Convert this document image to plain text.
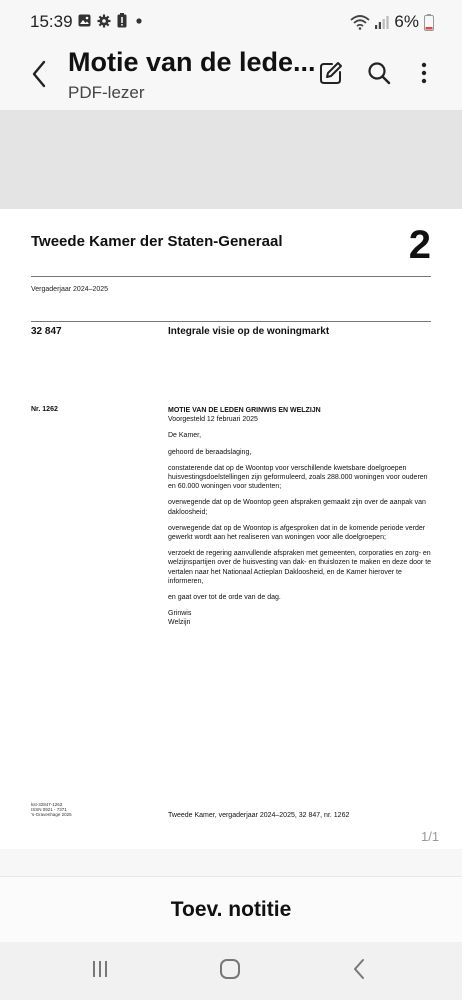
15:39	6%
Motie van de lede...
PDF-lezer
Tweede Kamer der Staten-Generaal	2
Vergaderjaar 2024–2025
32 847	Integrale visie op de woningmarkt
Nr. 1262	MOTIE VAN DE LEDEN GRINWIS EN WELZIJN

Voorgesteld 12 februari 2025

De Kamer,

gehoord de beraadslaging,

constaterende dat op de Woontop voor verschillende kwetsbare doelgroepen huisvestingsdoelstellingen zijn geformuleerd, zoals 288.000 woningen voor ouderen en 60.000 woningen voor studenten;

overwegende dat op de Woontop geen afspraken gemaakt zijn over de aanpak van dakloosheid;

overwegende dat op de Woontop is afgesproken dat in de komende periode verder gewerkt wordt aan het realiseren van woningen voor alle doelgroepen;

verzoekt de regering aanvullende afspraken met gemeenten, corporaties en zorg- en welzijnspartijen over de huisvesting van dak- en thuislozen te maken en deze door te vertalen naar het Nationaal Actieplan Dakloosheid, en de Kamer hierover te informeren,

en gaat over tot de orde van de dag.

Grinwis
Welzijn
kst-32847-1262
ISSN 0921 - 7371
's-Gravenhage 2025	Tweede Kamer, vergaderjaar 2024–2025, 32 847, nr. 1262
1/1
Toev. notitie
